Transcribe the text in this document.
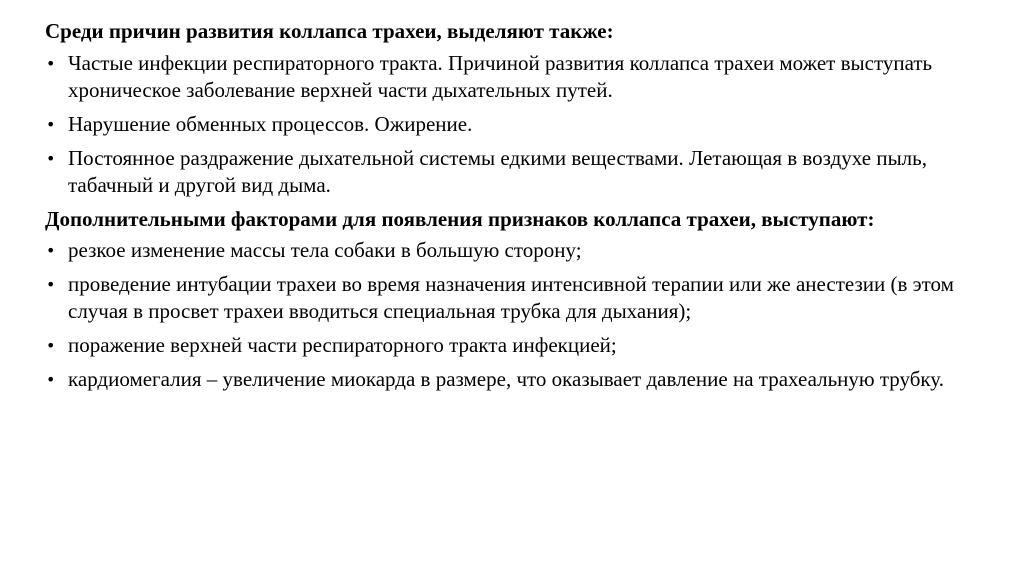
Среди причин развития коллапса трахеи, выделяют также:

• Частые инфекции респираторного тракта. Причиной развития коллапса трахеи может выступать хроническое заболевание верхней части дыхательных путей.
• Нарушение обменных процессов. Ожирение.
• Постоянное раздражение дыхательной системы едкими веществами. Летающая в воздухе пыль, табачный и другой вид дыма.

Дополнительными факторами для появления признаков коллапса трахеи, выступают:

• резкое изменение массы тела собаки в большую сторону;
• проведение интубации трахеи во время назначения интенсивной терапии или же анестезии (в этом случая в просвет трахеи вводиться специальная трубка для дыхания);
• поражение верхней части респираторного тракта инфекцией;
• кардиомегалия – увеличение миокарда в размере, что оказывает давление на трахеальную трубку.
